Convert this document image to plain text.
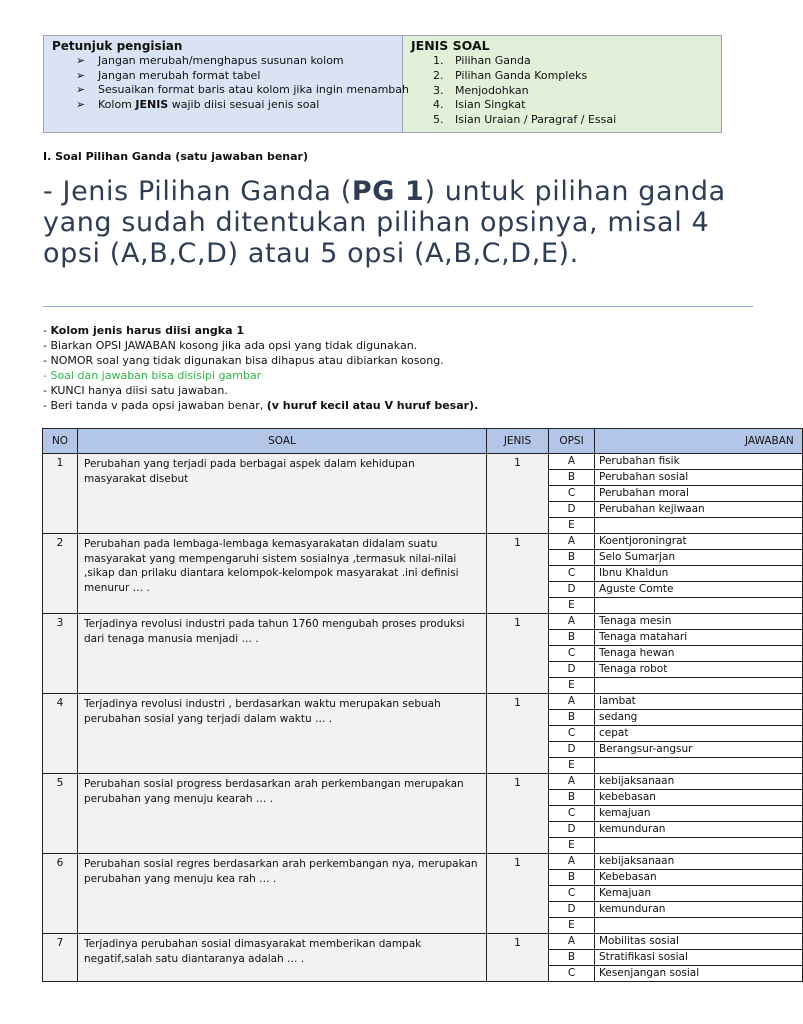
Petunjuk pengisian
➢ Jangan merubah/menghapus susunan kolom
➢ Jangan merubah format tabel
➢ Sesuaikan format baris atau kolom jika ingin menambah
➢ Kolom JENIS wajib diisi sesuai jenis soal
JENIS SOAL
1. Pilihan Ganda
2. Pilihan Ganda Kompleks
3. Menjodohkan
4. Isian Singkat
5. Isian Uraian / Paragraf / Essai
I. Soal Pilihan Ganda (satu jawaban benar)
- Jenis Pilihan Ganda (PG 1) untuk pilihan ganda yang sudah ditentukan pilihan opsinya, misal 4 opsi (A,B,C,D) atau 5 opsi (A,B,C,D,E).
- Kolom jenis harus diisi angka 1
- Biarkan OPSI JAWABAN kosong jika ada opsi yang tidak digunakan.
- NOMOR soal yang tidak digunakan bisa dihapus atau dibiarkan kosong.
- Soal dan jawaban bisa disisipi gambar
- KUNCI hanya diisi satu jawaban.
- Beri tanda v pada opsi jawaban benar, (v huruf kecil atau V huruf besar).
NO	SOAL	JENIS	OPSI	JAWABAN
1	Perubahan yang terjadi pada berbagai aspek dalam kehidupan masyarakat disebut	1	A	Perubahan fisik
			B	Perubahan sosial
			C	Perubahan moral
			D	Perubahan kejiwaan
			E	
2	Perubahan pada lembaga-lembaga kemasyarakatan didalam suatu masyarakat yang mempengaruhi sistem sosialnya ,termasuk nilai-nilai ,sikap dan prilaku diantara kelompok-kelompok masyarakat .ini definisi menurur … .	1	A	Koentjoroningrat
			B	Selo Sumarjan
			C	Ibnu Khaldun
			D	Aguste Comte
			E	
3	Terjadinya revolusi industri pada tahun 1760 mengubah proses produksi dari tenaga manusia menjadi … .	1	A	Tenaga mesin
			B	Tenaga matahari
			C	Tenaga hewan
			D	Tenaga robot
			E	
4	Terjadinya revolusi industri , berdasarkan waktu merupakan sebuah perubahan sosial yang terjadi dalam waktu … .	1	A	lambat
			B	sedang
			C	cepat
			D	Berangsur-angsur
			E	
5	Perubahan sosial progress berdasarkan arah perkembangan merupakan perubahan yang menuju kearah … .	1	A	kebijaksanaan
			B	kebebasan
			C	kemajuan
			D	kemunduran
			E	
6	Perubahan sosial regres berdasarkan arah perkembangan nya, merupakan perubahan yang menuju kea rah … .	1	A	kebijaksanaan
			B	Kebebasan
			C	Kemajuan
			D	kemunduran
			E	
7	Terjadinya perubahan sosial dimasyarakat memberikan dampak negatif,salah satu diantaranya adalah … .	1	A	Mobilitas sosial
			B	Stratifikasi sosial
			C	Kesenjangan sosial
